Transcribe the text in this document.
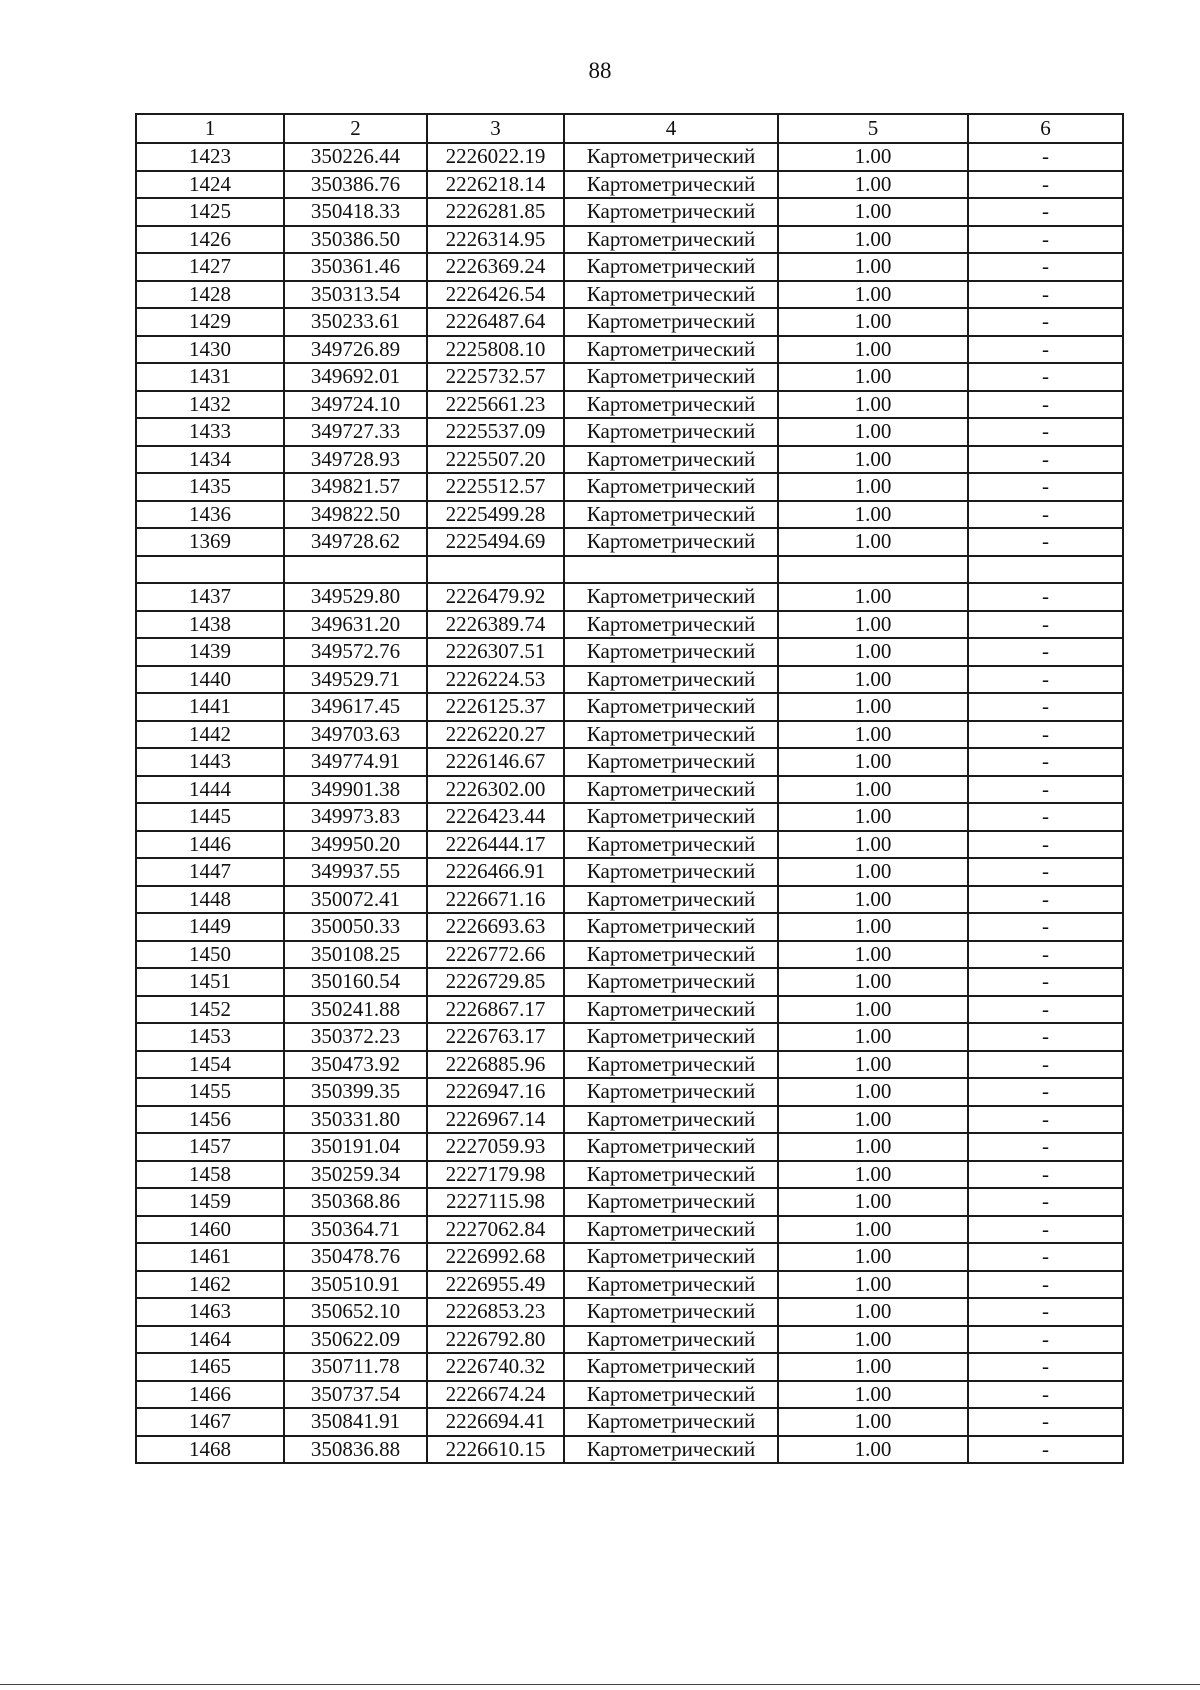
88
1	2	3	4	5	6
1423	350226.44	2226022.19	Картометрический	1.00	-
1424	350386.76	2226218.14	Картометрический	1.00	-
1425	350418.33	2226281.85	Картометрический	1.00	-
1426	350386.50	2226314.95	Картометрический	1.00	-
1427	350361.46	2226369.24	Картометрический	1.00	-
1428	350313.54	2226426.54	Картометрический	1.00	-
1429	350233.61	2226487.64	Картометрический	1.00	-
1430	349726.89	2225808.10	Картометрический	1.00	-
1431	349692.01	2225732.57	Картометрический	1.00	-
1432	349724.10	2225661.23	Картометрический	1.00	-
1433	349727.33	2225537.09	Картометрический	1.00	-
1434	349728.93	2225507.20	Картометрический	1.00	-
1435	349821.57	2225512.57	Картометрический	1.00	-
1436	349822.50	2225499.28	Картометрический	1.00	-
1369	349728.62	2225494.69	Картометрический	1.00	-

1437	349529.80	2226479.92	Картометрический	1.00	-
1438	349631.20	2226389.74	Картометрический	1.00	-
1439	349572.76	2226307.51	Картометрический	1.00	-
1440	349529.71	2226224.53	Картометрический	1.00	-
1441	349617.45	2226125.37	Картометрический	1.00	-
1442	349703.63	2226220.27	Картометрический	1.00	-
1443	349774.91	2226146.67	Картометрический	1.00	-
1444	349901.38	2226302.00	Картометрический	1.00	-
1445	349973.83	2226423.44	Картометрический	1.00	-
1446	349950.20	2226444.17	Картометрический	1.00	-
1447	349937.55	2226466.91	Картометрический	1.00	-
1448	350072.41	2226671.16	Картометрический	1.00	-
1449	350050.33	2226693.63	Картометрический	1.00	-
1450	350108.25	2226772.66	Картометрический	1.00	-
1451	350160.54	2226729.85	Картометрический	1.00	-
1452	350241.88	2226867.17	Картометрический	1.00	-
1453	350372.23	2226763.17	Картометрический	1.00	-
1454	350473.92	2226885.96	Картометрический	1.00	-
1455	350399.35	2226947.16	Картометрический	1.00	-
1456	350331.80	2226967.14	Картометрический	1.00	-
1457	350191.04	2227059.93	Картометрический	1.00	-
1458	350259.34	2227179.98	Картометрический	1.00	-
1459	350368.86	2227115.98	Картометрический	1.00	-
1460	350364.71	2227062.84	Картометрический	1.00	-
1461	350478.76	2226992.68	Картометрический	1.00	-
1462	350510.91	2226955.49	Картометрический	1.00	-
1463	350652.10	2226853.23	Картометрический	1.00	-
1464	350622.09	2226792.80	Картометрический	1.00	-
1465	350711.78	2226740.32	Картометрический	1.00	-
1466	350737.54	2226674.24	Картометрический	1.00	-
1467	350841.91	2226694.41	Картометрический	1.00	-
1468	350836.88	2226610.15	Картометрический	1.00	-
